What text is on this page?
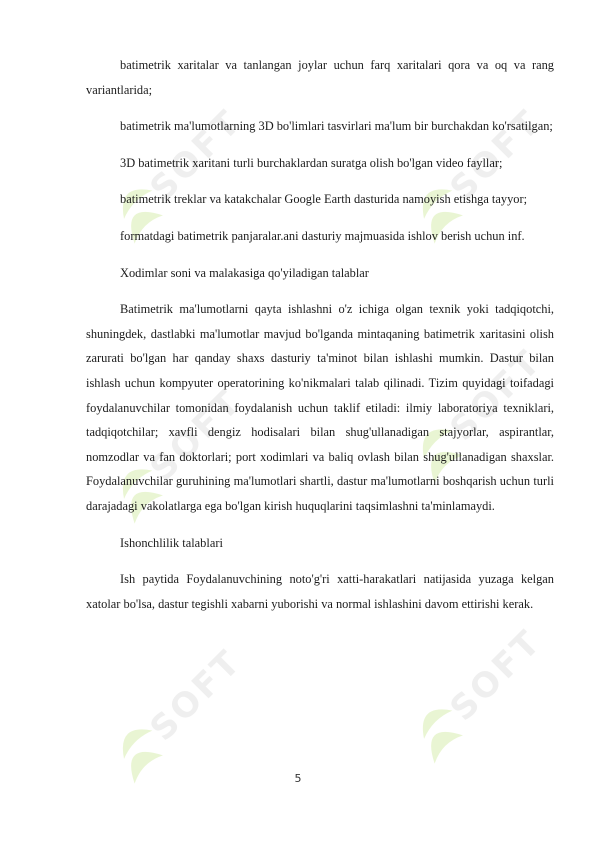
SOFT	SOFT
SOFT	SOFT
SOFT	SOFT

batimetrik xaritalar va tanlangan joylar uchun farq xaritalari qora va oq va rang variantlarida;

batimetrik ma'lumotlarning 3D bo'limlari tasvirlari ma'lum bir burchakdan ko'rsatilgan;

3D batimetrik xaritani turli burchaklardan suratga olish bo'lgan video fayllar;

batimetrik treklar va katakchalar Google Earth dasturida namoyish etishga tayyor;

formatdagi batimetrik panjaralar.ani dasturiy majmuasida ishlov berish uchun inf.

Xodimlar soni va malakasiga qo'yiladigan talablar

Batimetrik ma'lumotlarni qayta ishlashni o'z ichiga olgan texnik yoki tadqiqotchi, shuningdek, dastlabki ma'lumotlar mavjud bo'lganda mintaqaning batimetrik xaritasini olish zarurati bo'lgan har qanday shaxs dasturiy ta'minot bilan ishlashi mumkin. Dastur bilan ishlash uchun kompyuter operatorining ko'nikmalari talab qilinadi. Tizim quyidagi toifadagi foydalanuvchilar tomonidan foydalanish uchun taklif etiladi: ilmiy laboratoriya texniklari, tadqiqotchilar; xavfli dengiz hodisalari bilan shug'ullanadigan stajyorlar, aspirantlar, nomzodlar va fan doktorlari; port xodimlari va baliq ovlash bilan shug'ullanadigan shaxslar. Foydalanuvchilar guruhining ma'lumotlari shartli, dastur ma'lumotlarni boshqarish uchun turli darajadagi vakolatlarga ega bo'lgan kirish huquqlarini taqsimlashni ta'minlamaydi.

Ishonchlilik talablari

Ish paytida Foydalanuvchining noto'g'ri xatti-harakatlari natijasida yuzaga kelgan xatolar bo'lsa, dastur tegishli xabarni yuborishi va normal ishlashini davom ettirishi kerak.

5
